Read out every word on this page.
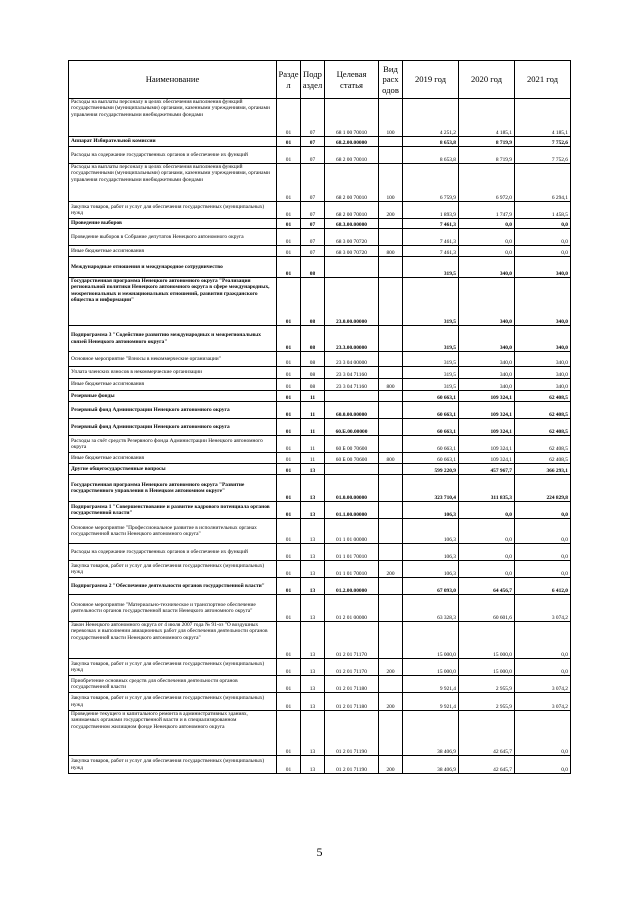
Наименование	Разде л	Подр аздел	Целевая статья	Вид расх одов	2019 год	2020 год	2021 год
Расходы на выплаты персоналу в целях обеспечения выполнения функций государственными (муниципальными) органами, казенными учреждениями, органами управления государственными внебюджетными фондами	01	07	68 1 00 70010	100	4 251,2	4 185,1	4 185,1
Аппарат Избирательной комиссии	01	07	68.2.00.00000		8 653,8	8 719,9	7 752,6
Расходы на содержание государственных органов и обеспечение их функций	01	07	68 2 00 70010		8 653,8	8 719,9	7 752,6
Расходы на выплаты персоналу в целях обеспечения выполнения функций государственными (муниципальными) органами, казенными учреждениями, органами управления государственными внебюджетными фондами	01	07	68 2 00 70010	100	6 759,9	6 972,0	6 294,1
Закупка товаров, работ и услуг для обеспечения государственных (муниципальных) нужд	01	07	68 2 00 70010	200	1 893,9	1 747,9	1 458,5
Проведение выборов	01	07	68.3.00.00000		7 461,3	0,0	0,0
Проведение выборов в Собрание депутатов Ненецкого автономного округа	01	07	68 3 00 70720		7 461,3	0,0	0,0
Иные бюджетные ассигнования	01	07	68 3 00 70720	800	7 461,3	0,0	0,0
Международные отношения и международное сотрудничество	01	08			319,5	340,0	340,0
Государственная программа Ненецкого автономного округа "Реализация региональной политики Ненецкого автономного округа в сфере международных, межрегиональных и межнациональных отношений, развития гражданского общества и информации"	01	08	23.0.00.00000		319,5	340,0	340,0
Подпрограмма 3 "Содействие развитию международных и межрегиональных связей Ненецкого автономного округа"	01	08	23.3.00.00000		319,5	340,0	340,0
Основное мероприятие "Взносы в некоммерческие организации"	01	08	23 3 04 00000		319,5	340,0	340,0
Уплата членских взносов в некоммерческие организации	01	08	23 3 04 71160		319,5	340,0	340,0
Иные бюджетные ассигнования	01	08	23 3 04 71160	800	319,5	340,0	340,0
Резервные фонды	01	11			60 663,1	109 324,1	62 408,5
Резервный фонд Администрации Ненецкого автономного округа	01	11	60.0.00.00000		60 663,1	109 324,1	62 408,5
Резервный фонд Администрации Ненецкого автономного округа	01	11	60.Б.00.00000		60 663,1	109 324,1	62 408,5
Расходы за счёт средств Резервного фонда Администрации Ненецкого автономного округа	01	11	60 Б 00 70600		60 663,1	109 324,1	62 408,5
Иные бюджетные ассигнования	01	11	60 Б 00 70600	800	60 663,1	109 324,1	62 408,5
Другие общегосударственные вопросы	01	13			599 220,9	457 967,7	366 293,1
Государственная программа Ненецкого автономного округа "Развитие государственного управления в Ненецком автономном округе"	01	13	01.0.00.00000		323 710,4	311 835,3	224 829,8
Подпрограмма 1 "Совершенствование и развитие кадрового потенциала органов государственной власти"	01	13	01.1.00.00000		106,3	0,0	0,0
Основное мероприятие "Профессиональное развитие в исполнительных органах государственной власти Ненецкого автономного округа"	01	13	01 1 01 00000		106,3	0,0	0,0
Расходы на содержание государственных органов и обеспечение их функций	01	13	01 1 01 70010		106,3	0,0	0,0
Закупка товаров, работ и услуг для обеспечения государственных (муниципальных) нужд	01	13	01 1 01 70010	200	106,3	0,0	0,0
Подпрограмма 2 "Обеспечение деятельности органов государственной власти"	01	13	01.2.00.00000		67 093,0	64 456,7	6 412,0
Основное мероприятие "Материально-техническое и транспортное обеспечение деятельности органов государственной власти Ненецкого автономного округа"	01	13	01 2 01 00000		63 328,3	60 601,6	3 074,2
Закон Ненецкого автономного округа от 4 июля 2007 года № 91-оз "О воздушных перевозках и выполнении авиационных работ для обеспечения деятельности органов государственной власти Ненецкого автономного округа"	01	13	01 2 01 71170		15 000,0	15 000,0	0,0
Закупка товаров, работ и услуг для обеспечения государственных (муниципальных) нужд	01	13	01 2 01 71170	200	15 000,0	15 000,0	0,0
Приобретение основных средств для обеспечения деятельности органов государственной власти	01	13	01 2 01 71180		9 921,4	2 955,9	3 074,2
Закупка товаров, работ и услуг для обеспечения государственных (муниципальных) нужд	01	13	01 2 01 71180	200	9 921,4	2 955,9	3 074,2
Проведение текущего и капитального ремонта в административных зданиях, занимаемых органами государственной власти и в специализированном государственном жилищном фонде Ненецкого автономного округа	01	13	01 2 01 71190		38 406,9	42 645,7	0,0
Закупка товаров, работ и услуг для обеспечения государственных (муниципальных) нужд	01	13	01 2 01 71190	200	38 406,9	42 645,7	0,0
5
